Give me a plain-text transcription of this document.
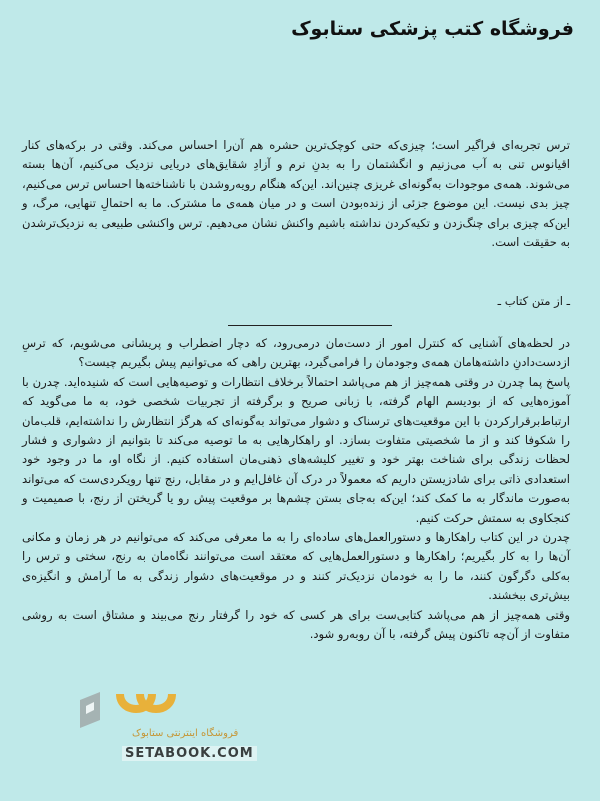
فروشگاه کتب پزشکی ستابوک

ترس تجربه‌ای فراگیر است؛ چیزی‌که حتی کوچک‌ترین حشره هم آن‌را احساس می‌کند. وقتی در برکه‌های کنار اقیانوس تنی به آب می‌زنیم و انگشتمان را به بدنِ نرم و آزادِ شقایق‌های دریایی نزدیک می‌کنیم، آن‌ها بسته می‌شوند. همه‌ی موجودات به‌گونه‌ای غریزی چنین‌اند. این‌که هنگام رویه‌روشدن با ناشناخته‌ها احساس ترس می‌کنیم، چیز بدی نیست. این موضوع جزئی از زنده‌بودن است و در میان همه‌ی ما مشترک. ما به احتمالِ تنهایی، مرگ، و این‌که چیزی برای چنگ‌زدن و تکیه‌کردن نداشته باشیم واکنش نشان می‌دهیم. ترس واکنشی طبیعی به نزدیک‌ترشدن به حقیقت است.

ـ از متن کتاب ـ

در لحظه‌های آشنایی که کنترل امور از دست‌مان درمی‌رود، که دچار اضطراب و پریشانی می‌شویم، که ترسِ ازدست‌دادنِ داشته‌هامان همه‌ی وجودمان را فرامی‌گیرد، بهترین راهی که می‌توانیم پیش بگیریم چیست؟

پاسخ پما چدرن در وقتی همه‌چیز از هم می‌پاشد احتمالاً برخلاف انتظارات و توصیه‌هایی است که شنیده‌اید. چدرن با آموزه‌هایی که از بودیسم الهام گرفته، با زبانی صریح و برگرفته از تجربیات شخصی خود، به ما می‌گوید که ارتباط‌برقرارکردن با این موقعیت‌های ترسناک و دشوار می‌تواند به‌گونه‌ای که هرگز انتظارش را نداشته‌ایم، قلب‌مان را شکوفا کند و از ما شخصیتی متفاوت بسازد. او راهکارهایی به ما توصیه می‌کند تا بتوانیم از دشواری و فشار لحظات زندگی برای شناخت بهتر خود و تغییر کلیشه‌های ذهنی‌مان استفاده کنیم. از نگاه او، ما در وجود خود استعدادی ذاتی برای شادزیستن داریم که معمولاً در درک آن غافل‌ایم و در مقابل، رنج تنها رویکردی‌ست که می‌تواند به‌صورت ماندگار به ما کمک کند؛ این‌که به‌جای بستن چشم‌ها بر موقعیت پیش رو یا گریختن از رنج، با صمیمیت و کنجکاوی به سمتش حرکت کنیم.

چدرن در این کتاب راهکارها و دستورالعمل‌های ساده‌ای را به ما معرفی می‌کند که می‌توانیم در هر زمان و مکانی آن‌ها را به کار بگیریم؛ راهکارها و دستورالعمل‌هایی که معتقد است می‌توانند نگاه‌مان به رنج، سختی و ترس را به‌کلی دگرگون کنند، ما را به خودمان نزدیک‌تر کنند و در موقعیت‌های دشوار زندگی به ما آرامش و انگیزه‌ی بیش‌تری ببخشند.

وقتی همه‌چیز از هم می‌پاشد کتابی‌ست برای هر کسی که خود را گرفتار رنج می‌بیند و مشتاق است به روشی متفاوت از آن‌چه تاکنون پیش گرفته، با آن روبه‌رو شود.

فروشگاه اینترنتی ستابوک
SETABOOK.COM
